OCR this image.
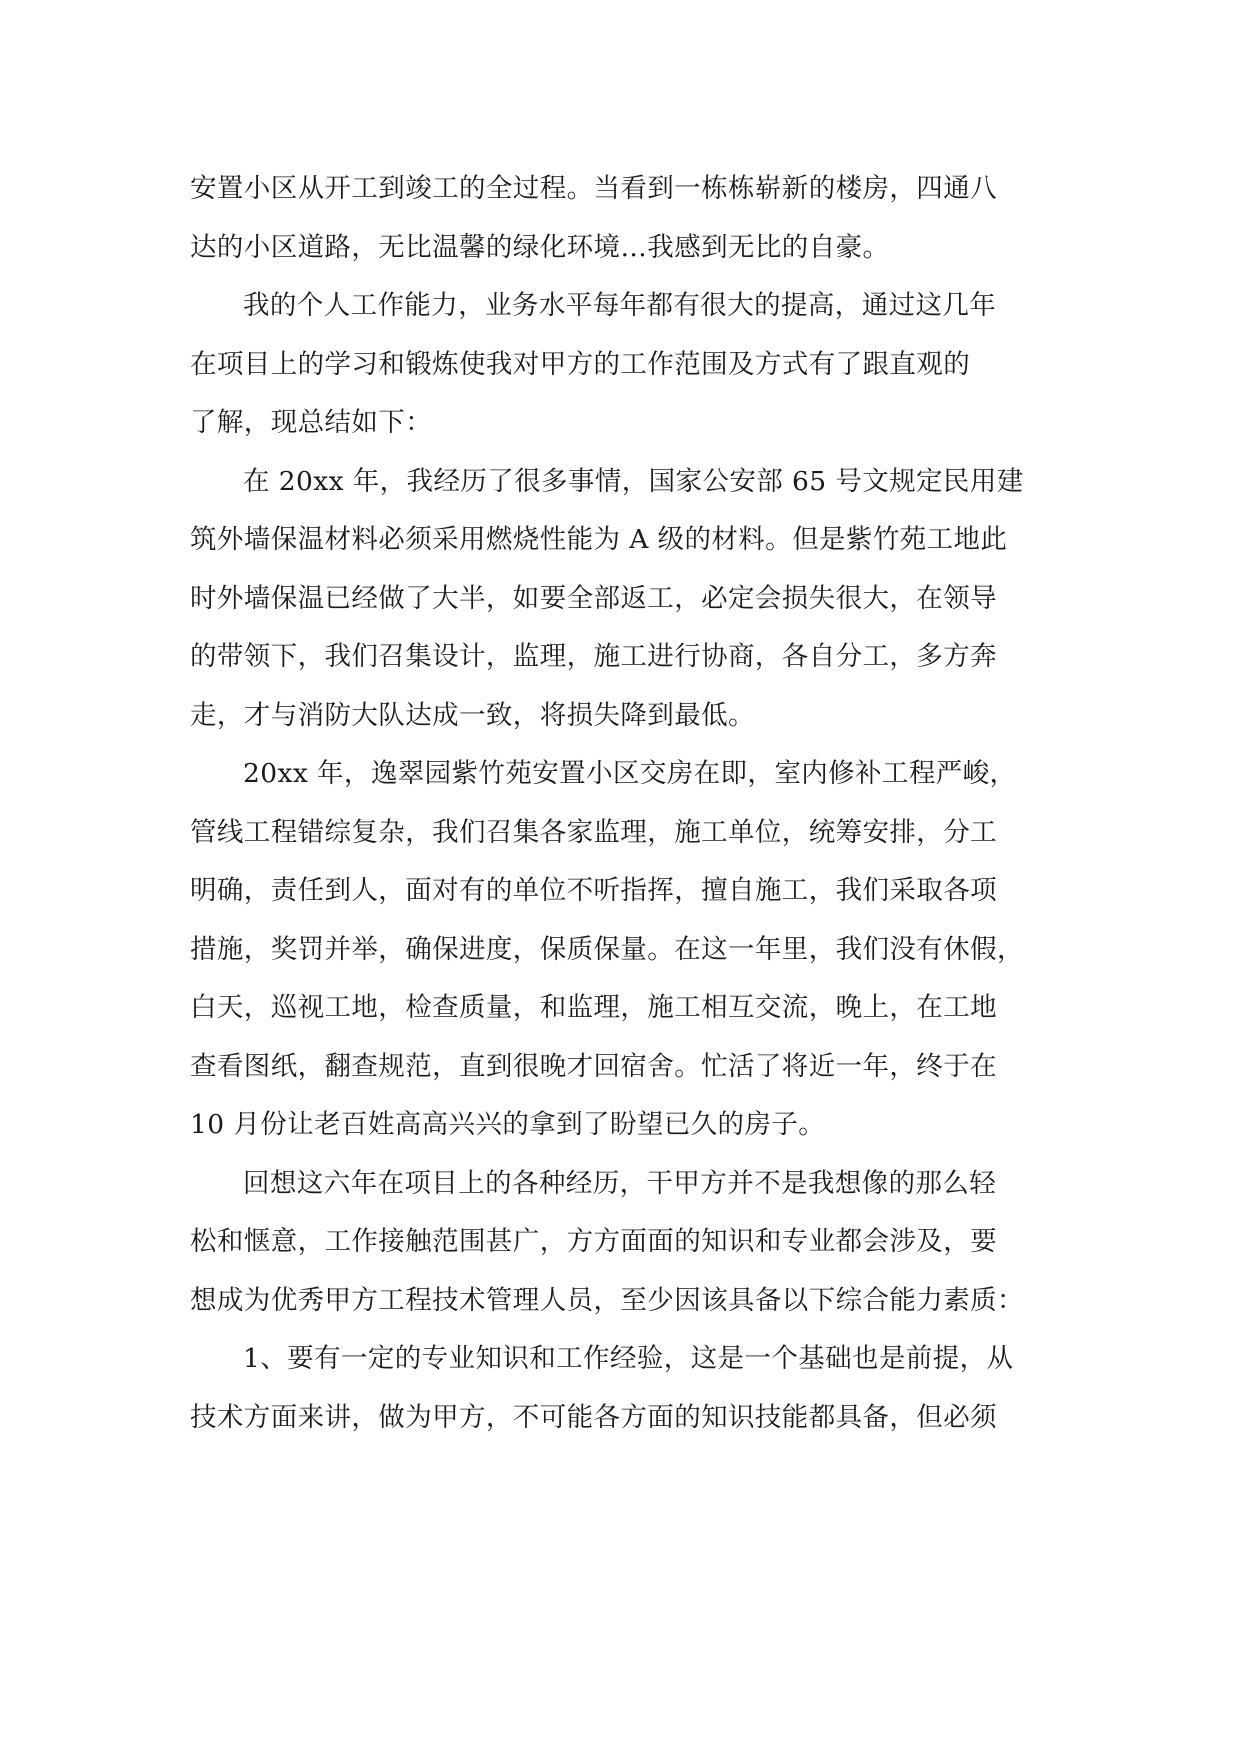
安置小区从开工到竣工的全过程。当看到一栋栋崭新的楼房，四通八
达的小区道路，无比温馨的绿化环境…我感到无比的自豪。

我的个人工作能力，业务水平每年都有很大的提高，通过这几年
在项目上的学习和锻炼使我对甲方的工作范围及方式有了跟直观的
了解，现总结如下：

在 20xx 年，我经历了很多事情，国家公安部 65 号文规定民用建
筑外墙保温材料必须采用燃烧性能为 A 级的材料。但是紫竹苑工地此
时外墙保温已经做了大半，如要全部返工，必定会损失很大，在领导
的带领下，我们召集设计，监理，施工进行协商，各自分工，多方奔
走，才与消防大队达成一致，将损失降到最低。

20xx 年，逸翠园紫竹苑安置小区交房在即，室内修补工程严峻，
管线工程错综复杂，我们召集各家监理，施工单位，统筹安排，分工
明确，责任到人，面对有的单位不听指挥，擅自施工，我们采取各项
措施，奖罚并举，确保进度，保质保量。在这一年里，我们没有休假，
白天，巡视工地，检查质量，和监理，施工相互交流，晚上，在工地
查看图纸，翻查规范，直到很晚才回宿舍。忙活了将近一年，终于在
10 月份让老百姓高高兴兴的拿到了盼望已久的房子。

回想这六年在项目上的各种经历，干甲方并不是我想像的那么轻
松和惬意，工作接触范围甚广，方方面面的知识和专业都会涉及，要
想成为优秀甲方工程技术管理人员，至少因该具备以下综合能力素质：

1、要有一定的专业知识和工作经验，这是一个基础也是前提，从
技术方面来讲，做为甲方，不可能各方面的知识技能都具备，但必须
